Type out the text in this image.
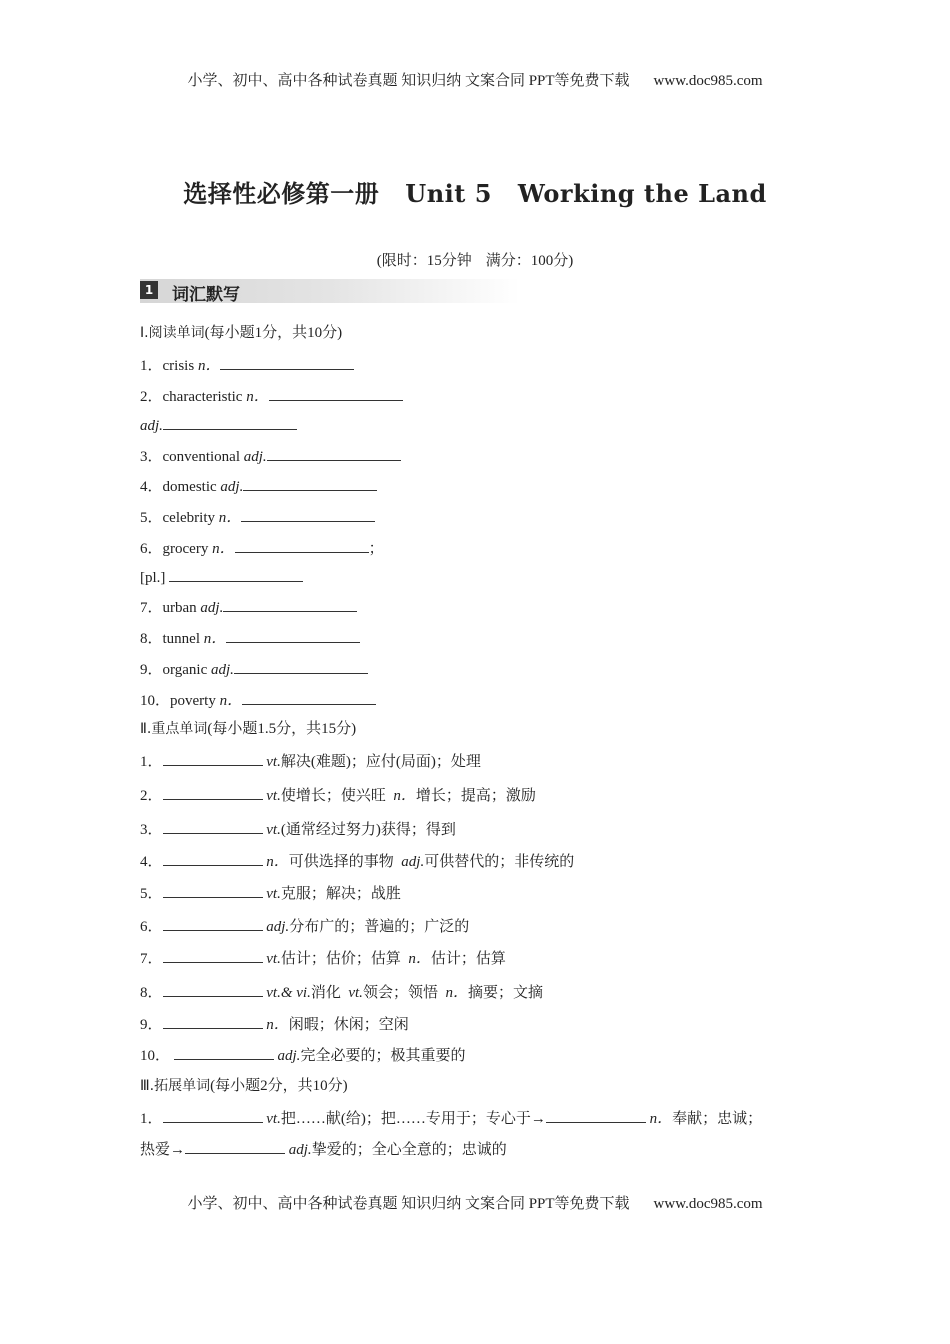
小学、初中、高中各种试卷真题 知识归纳 文案合同 PPT等免费下载 www.doc985.com
选择性必修第一册 Unit 5 Working the Land
(限时：15分钟 满分：100分)
1 词汇默写
Ⅰ.阅读单词(每小题1分，共10分)
1．crisis n．
2．characteristic n．
adj.
3．conventional adj.
4．domestic adj.
5．celebrity n．
6．grocery n．	；
[pl.]
7．urban adj.
8．tunnel n．
9．organic adj.
10．poverty n．
Ⅱ.重点单词(每小题1.5分，共15分)
1．	vt.解决(难题)；应付(局面)；处理
2．	vt.使增长；使兴旺 n．增长；提高；激励
3．	vt.(通常经过努力)获得；得到
4．	n．可供选择的事物 adj.可供替代的；非传统的
5．	vt.克服；解决；战胜
6．	adj.分布广的；普遍的；广泛的
7．	vt.估计；估价；估算 n．估计；估算
8．	vt.& vi.消化 vt.领会；领悟 n．摘要；文摘
9．	n．闲暇；休闲；空闲
10．	adj.完全必要的；极其重要的
Ⅲ.拓展单词(每小题2分，共10分)
1．	vt.把……献(给)；把……专用于；专心于→	n．奉献；忠诚；
热爱→	adj.挚爱的；全心全意的；忠诚的
小学、初中、高中各种试卷真题 知识归纳 文案合同 PPT等免费下载 www.doc985.com
